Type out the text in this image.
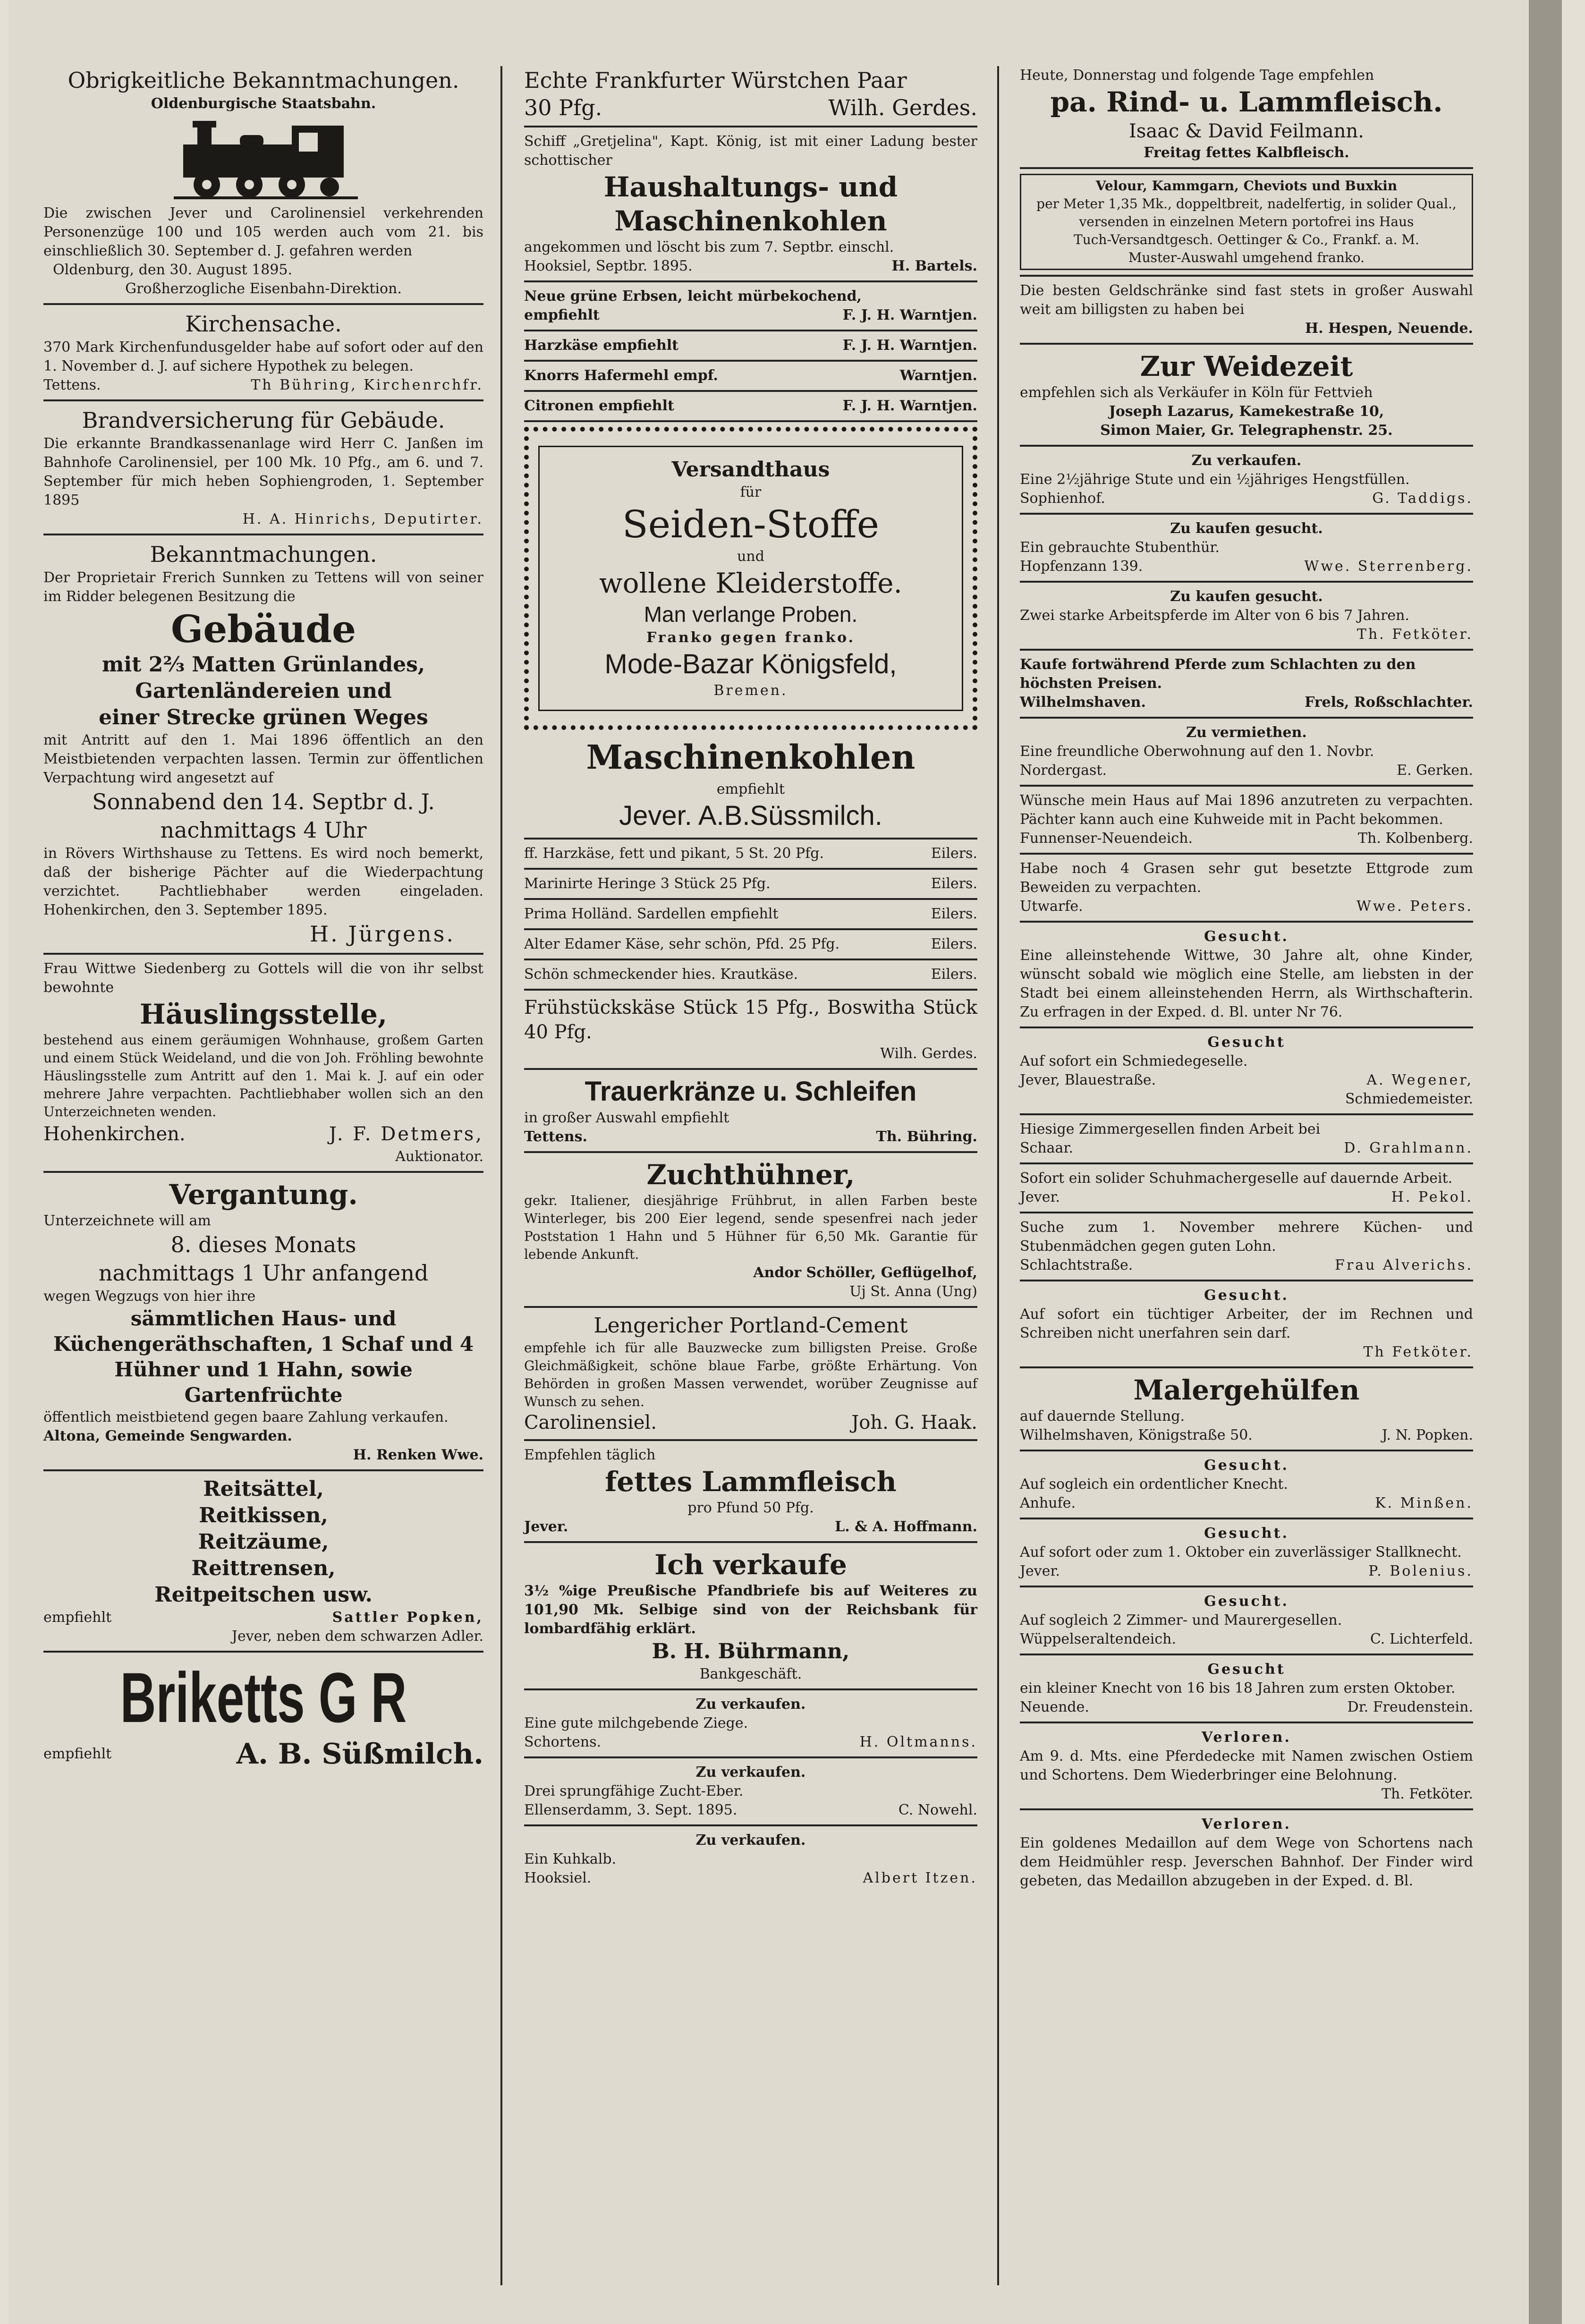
Obrigkeitliche Bekanntmachungen.

Oldenburgische Staatsbahn.

Die zwischen Jever und Carolinensiel verkehrenden Personenzüge 100 und 105 werden auch vom 21. bis einschließlich 30. September d. J. gefahren werden

Oldenburg, den 30. August 1895.

Großherzogliche Eisenbahn-Direktion.

Kirchensache.

370 Mark Kirchenfundusgelder habe auf sofort oder auf den 1. November d. J. auf sichere Hypothek zu belegen.

Tettens.	Th Bühring, Kirchenrchfr.

Brandversicherung für Gebäude.

Die erkannte Brandkassenanlage wird Herr C. Janßen im Bahnhofe Carolinensiel, per 100 Mk. 10 Pfg., am 6. und 7. September für mich heben Sophiengroden, 1. September 1895

H. A. Hinrichs, Deputirter.

Bekanntmachungen.

Der Proprietair Frerich Sunnken zu Tettens will von seiner im Ridder belegenen Besitzung die

Gebäude

mit 2⅔ Matten Grünlandes,

Gartenländereien und

einer Strecke grünen Weges

mit Antritt auf den 1. Mai 1896 öffentlich an den Meistbietenden verpachten lassen. Termin zur öffentlichen Verpachtung wird angesetzt auf

Sonnabend den 14. Septbr d. J.

nachmittags 4 Uhr

in Rövers Wirthshause zu Tettens. Es wird noch bemerkt, daß der bisherige Pächter auf die Wiederpachtung verzichtet. Pachtliebhaber werden eingeladen. Hohenkirchen, den 3. September 1895.

H. Jürgens.

Frau Wittwe Siedenberg zu Gottels will die von ihr selbst bewohnte

Häuslingsstelle,

bestehend aus einem geräumigen Wohnhause, großem Garten und einem Stück Weideland, und die von Joh. Fröhling bewohnte Häuslingsstelle zum Antritt auf den 1. Mai k. J. auf ein oder mehrere Jahre verpachten. Pachtliebhaber wollen sich an den Unterzeichneten wenden.

Hohenkirchen.	J. F. Detmers,

Auktionator.

Vergantung.

Unterzeichnete will am

8. dieses Monats

nachmittags 1 Uhr anfangend

wegen Wegzugs von hier ihre

sämmtlichen Haus- und Küchengeräthschaften, 1 Schaf und 4 Hühner und 1 Hahn, sowie Gartenfrüchte

öffentlich meistbietend gegen baare Zahlung verkaufen.

Altona, Gemeinde Sengwarden.

H. Renken Wwe.

Reitsättel,

Reitkissen,

Reitzäume,

Reittrensen,

Reitpeitschen usw.

empfiehlt	Sattler Popken,

Jever, neben dem schwarzen Adler.

Briketts G R

empfiehlt	A. B. Süßmilch.

Echte Frankfurter Würstchen Paar

30 Pfg.	Wilh. Gerdes.

Schiff „Gretjelina", Kapt. König, ist mit einer Ladung bester schottischer

Haushaltungs- und

Maschinenkohlen

angekommen und löscht bis zum 7. Septbr. einschl.

Hooksiel, Septbr. 1895.	H. Bartels.

Neue grüne Erbsen, leicht mürbekochend,

empfiehlt	F. J. H. Warntjen.
Harzkäse empfiehlt	F. J. H. Warntjen.
Knorrs Hafermehl empf.	Warntjen.
Citronen empfiehlt	F. J. H. Warntjen.

Versandthaus

für

Seiden-Stoffe

und

wollene Kleiderstoffe.

Man verlange Proben.

Franko gegen franko.

Mode-Bazar Königsfeld,

Bremen.

Maschinenkohlen

empfiehlt

Jever. A.B.Süssmilch.

ff. Harzkäse, fett und pikant, 5 St. 20 Pfg.	Eilers.
Marinirte Heringe 3 Stück 25 Pfg.	Eilers.
Prima Holländ. Sardellen empfiehlt	Eilers.
Alter Edamer Käse, sehr schön, Pfd. 25 Pfg.	Eilers.
Schön schmeckender hies. Krautkäse.	Eilers.

Frühstückskäse Stück 15 Pfg., Boswitha Stück 40 Pfg.

Wilh. Gerdes.

Trauerkränze u. Schleifen

in großer Auswahl empfiehlt

Tettens.	Th. Bühring.

Zuchthühner,

gekr. Italiener, diesjährige Frühbrut, in allen Farben beste Winterleger, bis 200 Eier legend, sende spesenfrei nach jeder Poststation 1 Hahn und 5 Hühner für 6,50 Mk. Garantie für lebende Ankunft.

Andor Schöller, Geflügelhof,

Uj St. Anna (Ung)

Lengericher Portland-Cement

empfehle ich für alle Bauzwecke zum billigsten Preise. Große Gleichmäßigkeit, schöne blaue Farbe, größte Erhärtung. Von Behörden in großen Massen verwendet, worüber Zeugnisse auf Wunsch zu sehen.

Carolinensiel.	Joh. G. Haak.

Empfehlen täglich

fettes Lammfleisch

pro Pfund 50 Pfg.

Jever.	L. & A. Hoffmann.

Ich verkaufe

3½ %ige Preußische Pfandbriefe bis auf Weiteres zu 101,90 Mk. Selbige sind von der Reichsbank für lombardfähig erklärt.

B. H. Bührmann,

Bankgeschäft.

Zu verkaufen.

Eine gute milchgebende Ziege.

Schortens.	H. Oltmanns.

Zu verkaufen.

Drei sprungfähige Zucht-Eber.

Ellenserdamm, 3. Sept. 1895.	C. Nowehl.

Zu verkaufen.

Ein Kuhkalb.

Hooksiel.	Albert Itzen.

Heute, Donnerstag und folgende Tage empfehlen

pa. Rind- u. Lammfleisch.

Isaac & David Feilmann.

Freitag fettes Kalbfleisch.

Velour, Kammgarn, Cheviots und Buxkin

per Meter 1,35 Mk., doppeltbreit, nadelfertig, in solider Qual., versenden in einzelnen Metern portofrei ins Haus

Tuch-Versandtgesch. Oettinger & Co., Frankf. a. M.

Muster-Auswahl umgehend franko.

Die besten Geldschränke sind fast stets in großer Auswahl weit am billigsten zu haben bei

H. Hespen, Neuende.

Zur Weidezeit

empfehlen sich als Verkäufer in Köln für Fettvieh

Joseph Lazarus, Kamekestraße 10,

Simon Maier, Gr. Telegraphenstr. 25.

Zu verkaufen.

Eine 2½jährige Stute und ein ½jähriges Hengstfüllen.

Sophienhof.	G. Taddigs.

Zu kaufen gesucht.

Ein gebrauchte Stubenthür.

Hopfenzann 139.	Wwe. Sterrenberg.

Zu kaufen gesucht.

Zwei starke Arbeitspferde im Alter von 6 bis 7 Jahren.

Th. Fetköter.

Kaufe fortwährend Pferde zum Schlachten zu den höchsten Preisen.

Wilhelmshaven.	Frels, Roßschlachter.

Zu vermiethen.

Eine freundliche Oberwohnung auf den 1. Novbr.

Nordergast.	E. Gerken.

Wünsche mein Haus auf Mai 1896 anzutreten zu verpachten. Pächter kann auch eine Kuhweide mit in Pacht bekommen.

Funnenser-Neuendeich.	Th. Kolbenberg.

Habe noch 4 Grasen sehr gut besetzte Ettgrode zum Beweiden zu verpachten.

Utwarfe.	Wwe. Peters.

Gesucht.

Eine alleinstehende Wittwe, 30 Jahre alt, ohne Kinder, wünscht sobald wie möglich eine Stelle, am liebsten in der Stadt bei einem alleinstehenden Herrn, als Wirthschafterin. Zu erfragen in der Exped. d. Bl. unter Nr 76.

Gesucht

Auf sofort ein Schmiedegeselle.

Jever, Blauestraße.	A. Wegener,

Schmiedemeister.

Hiesige Zimmergesellen finden Arbeit bei

Schaar.	D. Grahlmann.

Sofort ein solider Schuhmachergeselle auf dauernde Arbeit.

Jever.	H. Pekol.

Suche zum 1. November mehrere Küchen- und Stubenmädchen gegen guten Lohn.

Schlachtstraße.	Frau Alverichs.

Gesucht.

Auf sofort ein tüchtiger Arbeiter, der im Rechnen und Schreiben nicht unerfahren sein darf.

Th Fetköter.

Malergehülfen

auf dauernde Stellung.

Wilhelmshaven, Königstraße 50.	J. N. Popken.

Gesucht.

Auf sogleich ein ordentlicher Knecht.

Anhufe.	K. Minßen.

Gesucht.

Auf sofort oder zum 1. Oktober ein zuverlässiger Stallknecht.

Jever.	P. Bolenius.

Gesucht.

Auf sogleich 2 Zimmer- und Maurergesellen.

Wüppelseraltendeich.	C. Lichterfeld.

Gesucht

ein kleiner Knecht von 16 bis 18 Jahren zum ersten Oktober.

Neuende.	Dr. Freudenstein.

Verloren.

Am 9. d. Mts. eine Pferdedecke mit Namen zwischen Ostiem und Schortens. Dem Wiederbringer eine Belohnung.

Th. Fetköter.

Verloren.

Ein goldenes Medaillon auf dem Wege von Schortens nach dem Heidmühler resp. Jeverschen Bahnhof. Der Finder wird gebeten, das Medaillon abzugeben in der Exped. d. Bl.
